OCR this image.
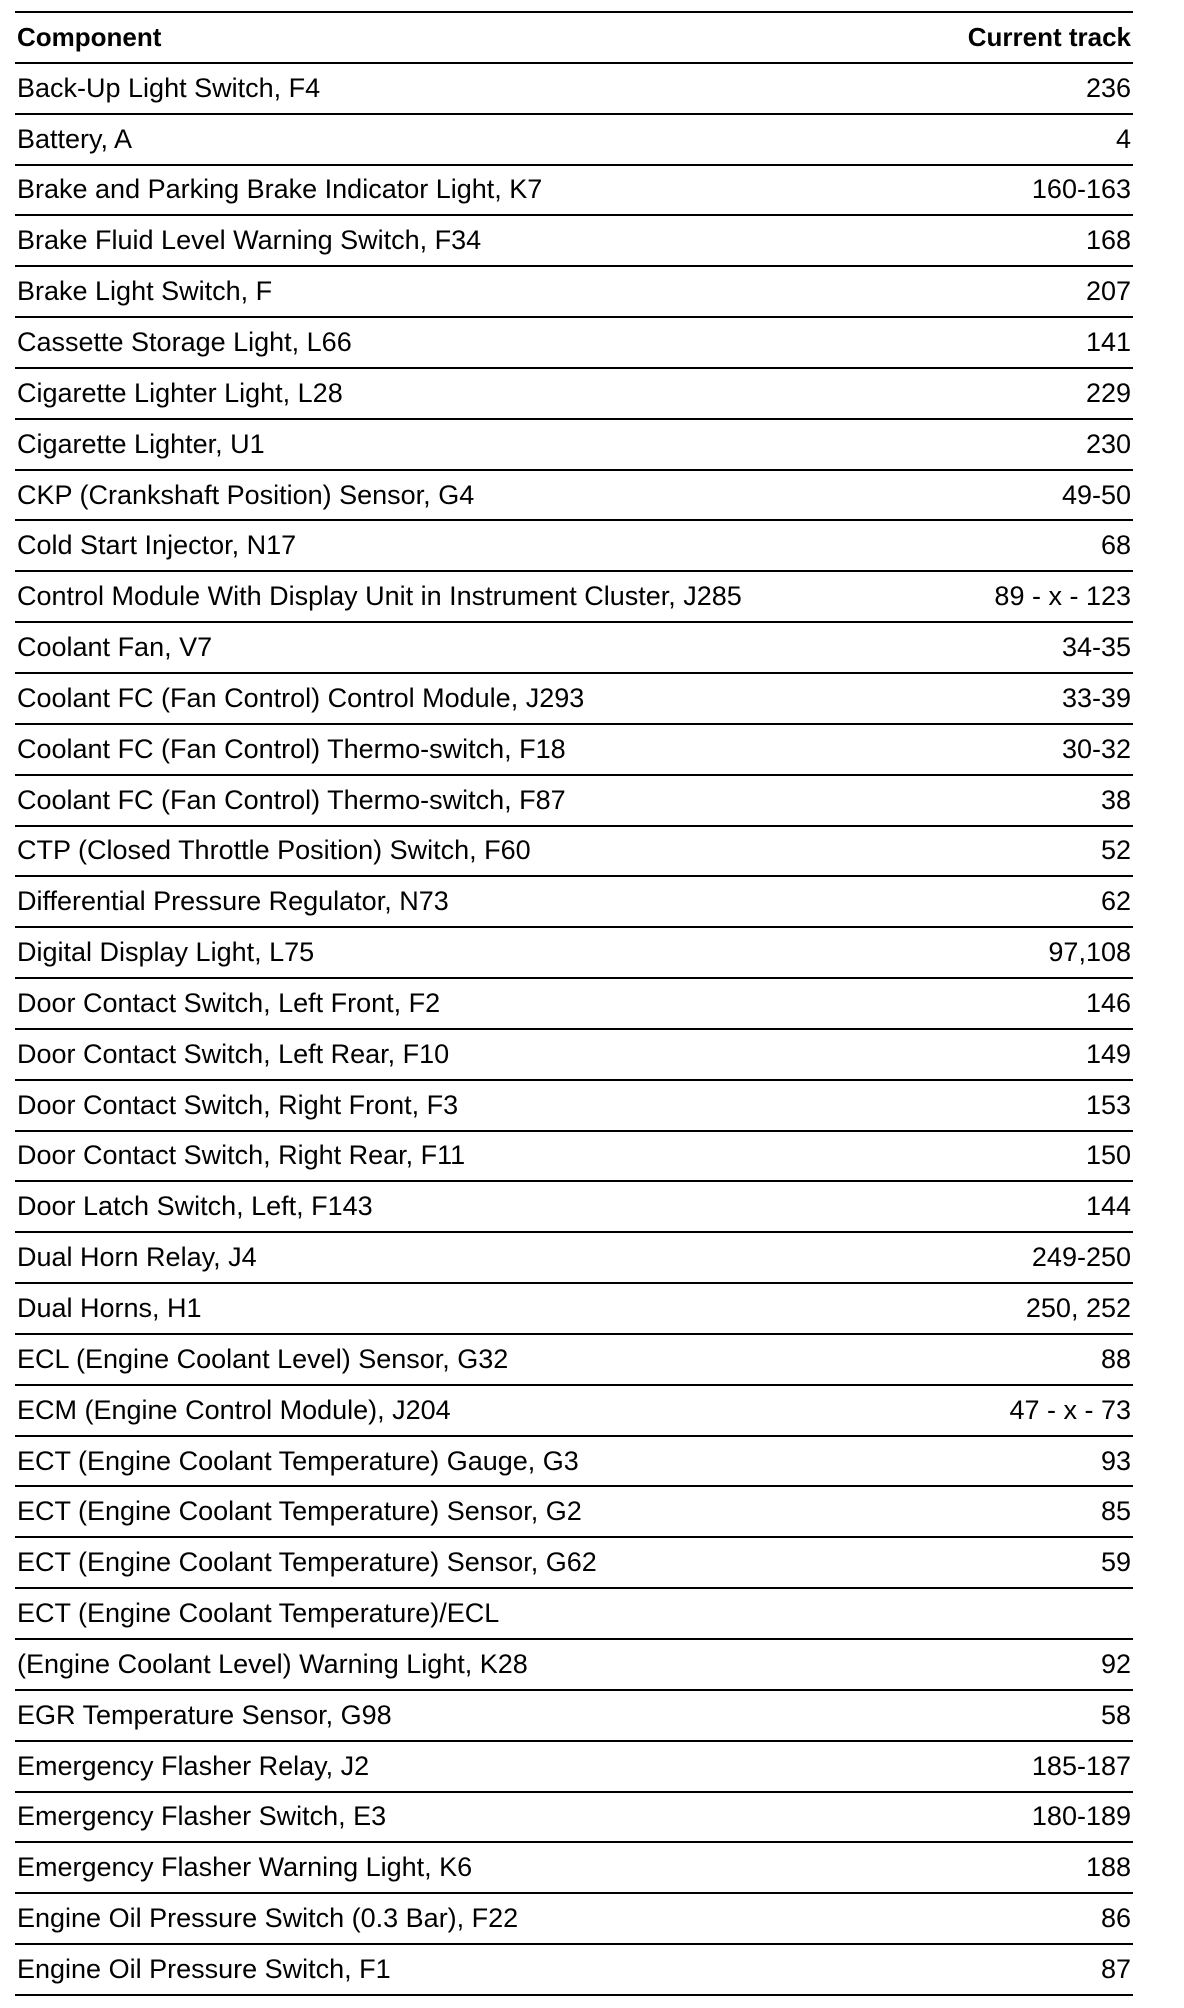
Component	Current track
Back-Up Light Switch, F4	236
Battery, A	4
Brake and Parking Brake Indicator Light, K7	160-163
Brake Fluid Level Warning Switch, F34	168
Brake Light Switch, F	207
Cassette Storage Light, L66	141
Cigarette Lighter Light, L28	229
Cigarette Lighter, U1	230
CKP (Crankshaft Position) Sensor, G4	49-50
Cold Start Injector, N17	68
Control Module With Display Unit in Instrument Cluster, J285	89 - x - 123
Coolant Fan, V7	34-35
Coolant FC (Fan Control) Control Module, J293	33-39
Coolant FC (Fan Control) Thermo-switch, F18	30-32
Coolant FC (Fan Control) Thermo-switch, F87	38
CTP (Closed Throttle Position) Switch, F60	52
Differential Pressure Regulator, N73	62
Digital Display Light, L75	97,108
Door Contact Switch, Left Front, F2	146
Door Contact Switch, Left Rear, F10	149
Door Contact Switch, Right Front, F3	153
Door Contact Switch, Right Rear, F11	150
Door Latch Switch, Left, F143	144
Dual Horn Relay, J4	249-250
Dual Horns, H1	250, 252
ECL (Engine Coolant Level) Sensor, G32	88
ECM (Engine Control Module), J204	47 - x - 73
ECT (Engine Coolant Temperature) Gauge, G3	93
ECT (Engine Coolant Temperature) Sensor, G2	85
ECT (Engine Coolant Temperature) Sensor, G62	59
ECT (Engine Coolant Temperature)/ECL	
(Engine Coolant Level) Warning Light, K28	92
EGR Temperature Sensor, G98	58
Emergency Flasher Relay, J2	185-187
Emergency Flasher Switch, E3	180-189
Emergency Flasher Warning Light, K6	188
Engine Oil Pressure Switch (0.3 Bar), F22	86
Engine Oil Pressure Switch, F1	87
